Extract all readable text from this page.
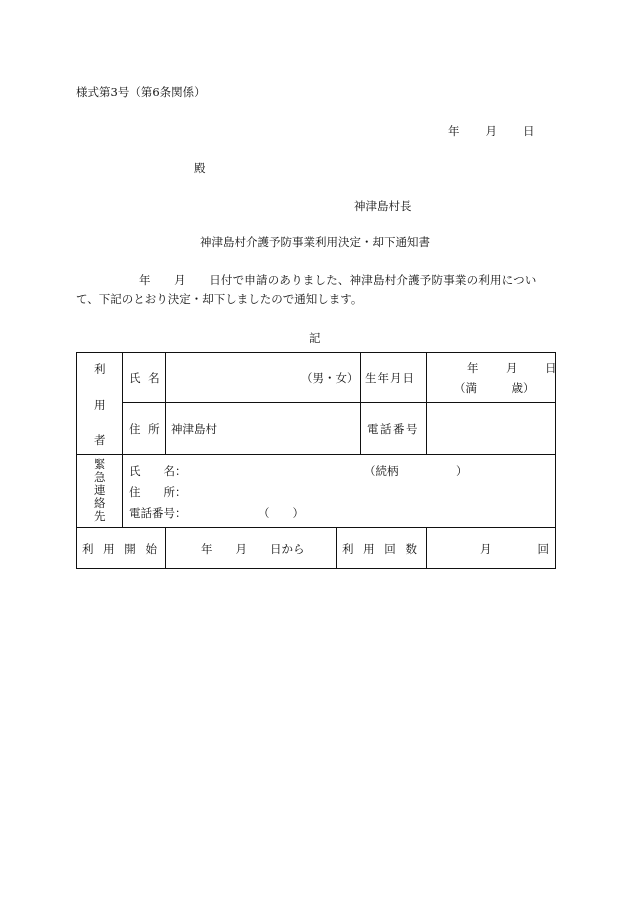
様式第3号（第6条関係）
年　　月　　日
殿
神津島村長
神津島村介護予防事業利用決定・却下通知書
年　　月　　日付で申請のありました、神津島村介護予防事業の利用につい
て、下記のとおり決定・却下しましたので通知します。
記
利
用
者
氏 名	（男・女） 生年月日
年　　月　　日
（満　　　歳）
住 所 神津島村	電話番号
緊
急
連
絡
先
氏　　名：	（続柄　　　　　）
住　　所：
電話番号：	（　　）
利 用 開 始	年　　月　　日から	利 用 回 数	月　　　　回
